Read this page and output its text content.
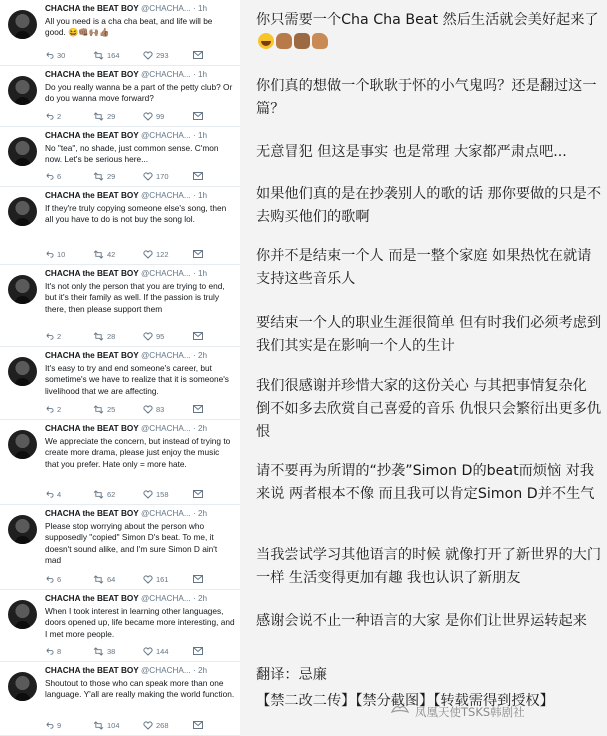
CHACHA the BEAT BOY @CHACHA... · 1h
All you need is a cha cha beat, and life will be good. 😆👊🏽🙌🏽👍🏽
30	164	293
CHACHA the BEAT BOY @CHACHA... · 1h
Do you really wanna be a part of the petty club? Or do you wanna move forward?
2	29	99
CHACHA the BEAT BOY @CHACHA... · 1h
No "tea", no shade, just common sense. C'mon now. Let's be serious here...
6	29	170
CHACHA the BEAT BOY @CHACHA... · 1h
If they're truly copying someone else's song, then all you have to do is not buy the song lol.
10	42	122
CHACHA the BEAT BOY @CHACHA... · 1h
It's not only the person that you are trying to end, but it's their family as well. If the passion is truly there, then please support them
2	28	95
CHACHA the BEAT BOY @CHACHA... · 2h
It's easy to try and end someone's career, but sometime's we have to realize that it is someone's livelihood that we are affecting.
2	25	83
CHACHA the BEAT BOY @CHACHA... · 2h
We appreciate the concern, but instead of trying to create more drama, please just enjoy the music that you prefer. Hate only = more hate.
4	62	158
CHACHA the BEAT BOY @CHACHA... · 2h
Please stop worrying about the person who supposedly "copied" Simon D's beat. To me, it doesn't sound alike, and I'm sure Simon D ain't mad
6	64	161
CHACHA the BEAT BOY @CHACHA... · 2h
When I took interest in learning other languages, doors opened up, life became more interesting, and I met more people.
8	38	144
CHACHA the BEAT BOY @CHACHA... · 2h
Shoutout to those who can speak more than one language. Y'all are really making the world function.
9	104	268
你只需要一个Cha Cha Beat 然后生活就会美好起来了
你们真的想做一个耿耿于怀的小气鬼吗？还是翻过这一篇？
无意冒犯 但这是事实 也是常理 大家都严肃点吧...
如果他们真的是在抄袭别人的歌的话 那你要做的只是不去购买他们的歌啊
你并不是结束一个人 而是一整个家庭 如果热忱在就请支持这些音乐人
要结束一个人的职业生涯很简单 但有时我们必须考虑到 我们其实是在影响一个人的生计
我们很感谢并珍惜大家的这份关心 与其把事情复杂化 倒不如多去欣赏自己喜爱的音乐 仇恨只会繁衍出更多仇恨
请不要再为所谓的“抄袭”Simon D的beat而烦恼 对我来说 两者根本不像 而且我可以肯定Simon D并不生气
当我尝试学习其他语言的时候 就像打开了新世界的大门一样 生活变得更加有趣 我也认识了新朋友
感谢会说不止一种语言的大家 是你们让世界运转起来
翻译：忌廉
【禁二改二传】【禁分截图】【转载需得到授权】
凤凰天使TSKS韩剧社
